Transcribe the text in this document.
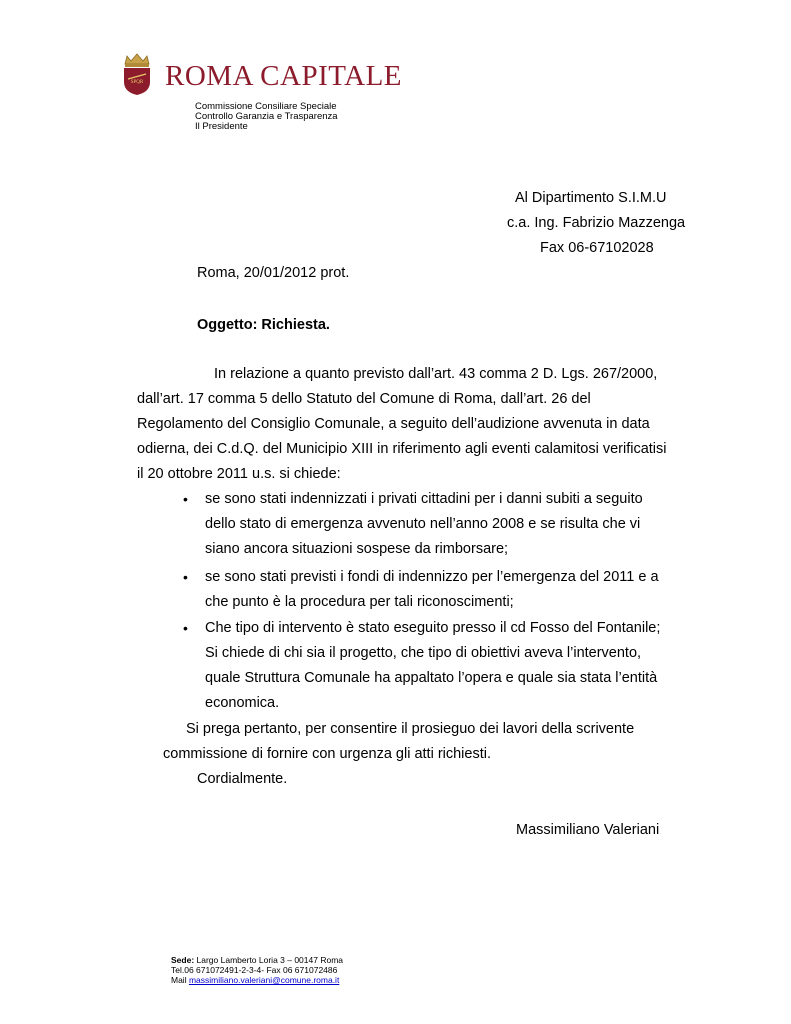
SPQR ROMA CAPITALE
Commissione Consiliare Speciale
Controllo Garanzia e Trasparenza
Il Presidente
Al Dipartimento S.I.M.U
c.a. Ing. Fabrizio Mazzenga
Fax 06-67102028
Roma, 20/01/2012 prot.
Oggetto: Richiesta.
In relazione a quanto previsto dall’art. 43 comma 2 D. Lgs. 267/2000,
dall’art. 17 comma 5 dello Statuto del Comune di Roma, dall’art. 26 del
Regolamento del Consiglio Comunale, a seguito dell’audizione avvenuta in data
odierna, dei C.d.Q. del Municipio XIII in riferimento agli eventi calamitosi verificatisi
il 20 ottobre 2011 u.s. si chiede:
• se sono stati indennizzati i privati cittadini per i danni subiti a seguito
dello stato di emergenza avvenuto nell’anno 2008 e se risulta che vi
siano ancora situazioni sospese da rimborsare;
• se sono stati previsti i fondi di indennizzo per l’emergenza del 2011 e a
che punto è la procedura per tali riconoscimenti;
• Che tipo di intervento è stato eseguito presso il cd Fosso del Fontanile;
Si chiede di chi sia il progetto, che tipo di obiettivi aveva l’intervento,
quale Struttura Comunale ha appaltato l’opera e quale sia stata l’entità
economica.
Si prega pertanto, per consentire il prosieguo dei lavori della scrivente
commissione di fornire con urgenza gli atti richiesti.
Cordialmente.
Massimiliano Valeriani
Sede: Largo Lamberto Loria 3 – 00147 Roma
Tel.06 671072491-2-3-4- Fax 06 671072486
Mail massimiliano.valeriani@comune.roma.it
